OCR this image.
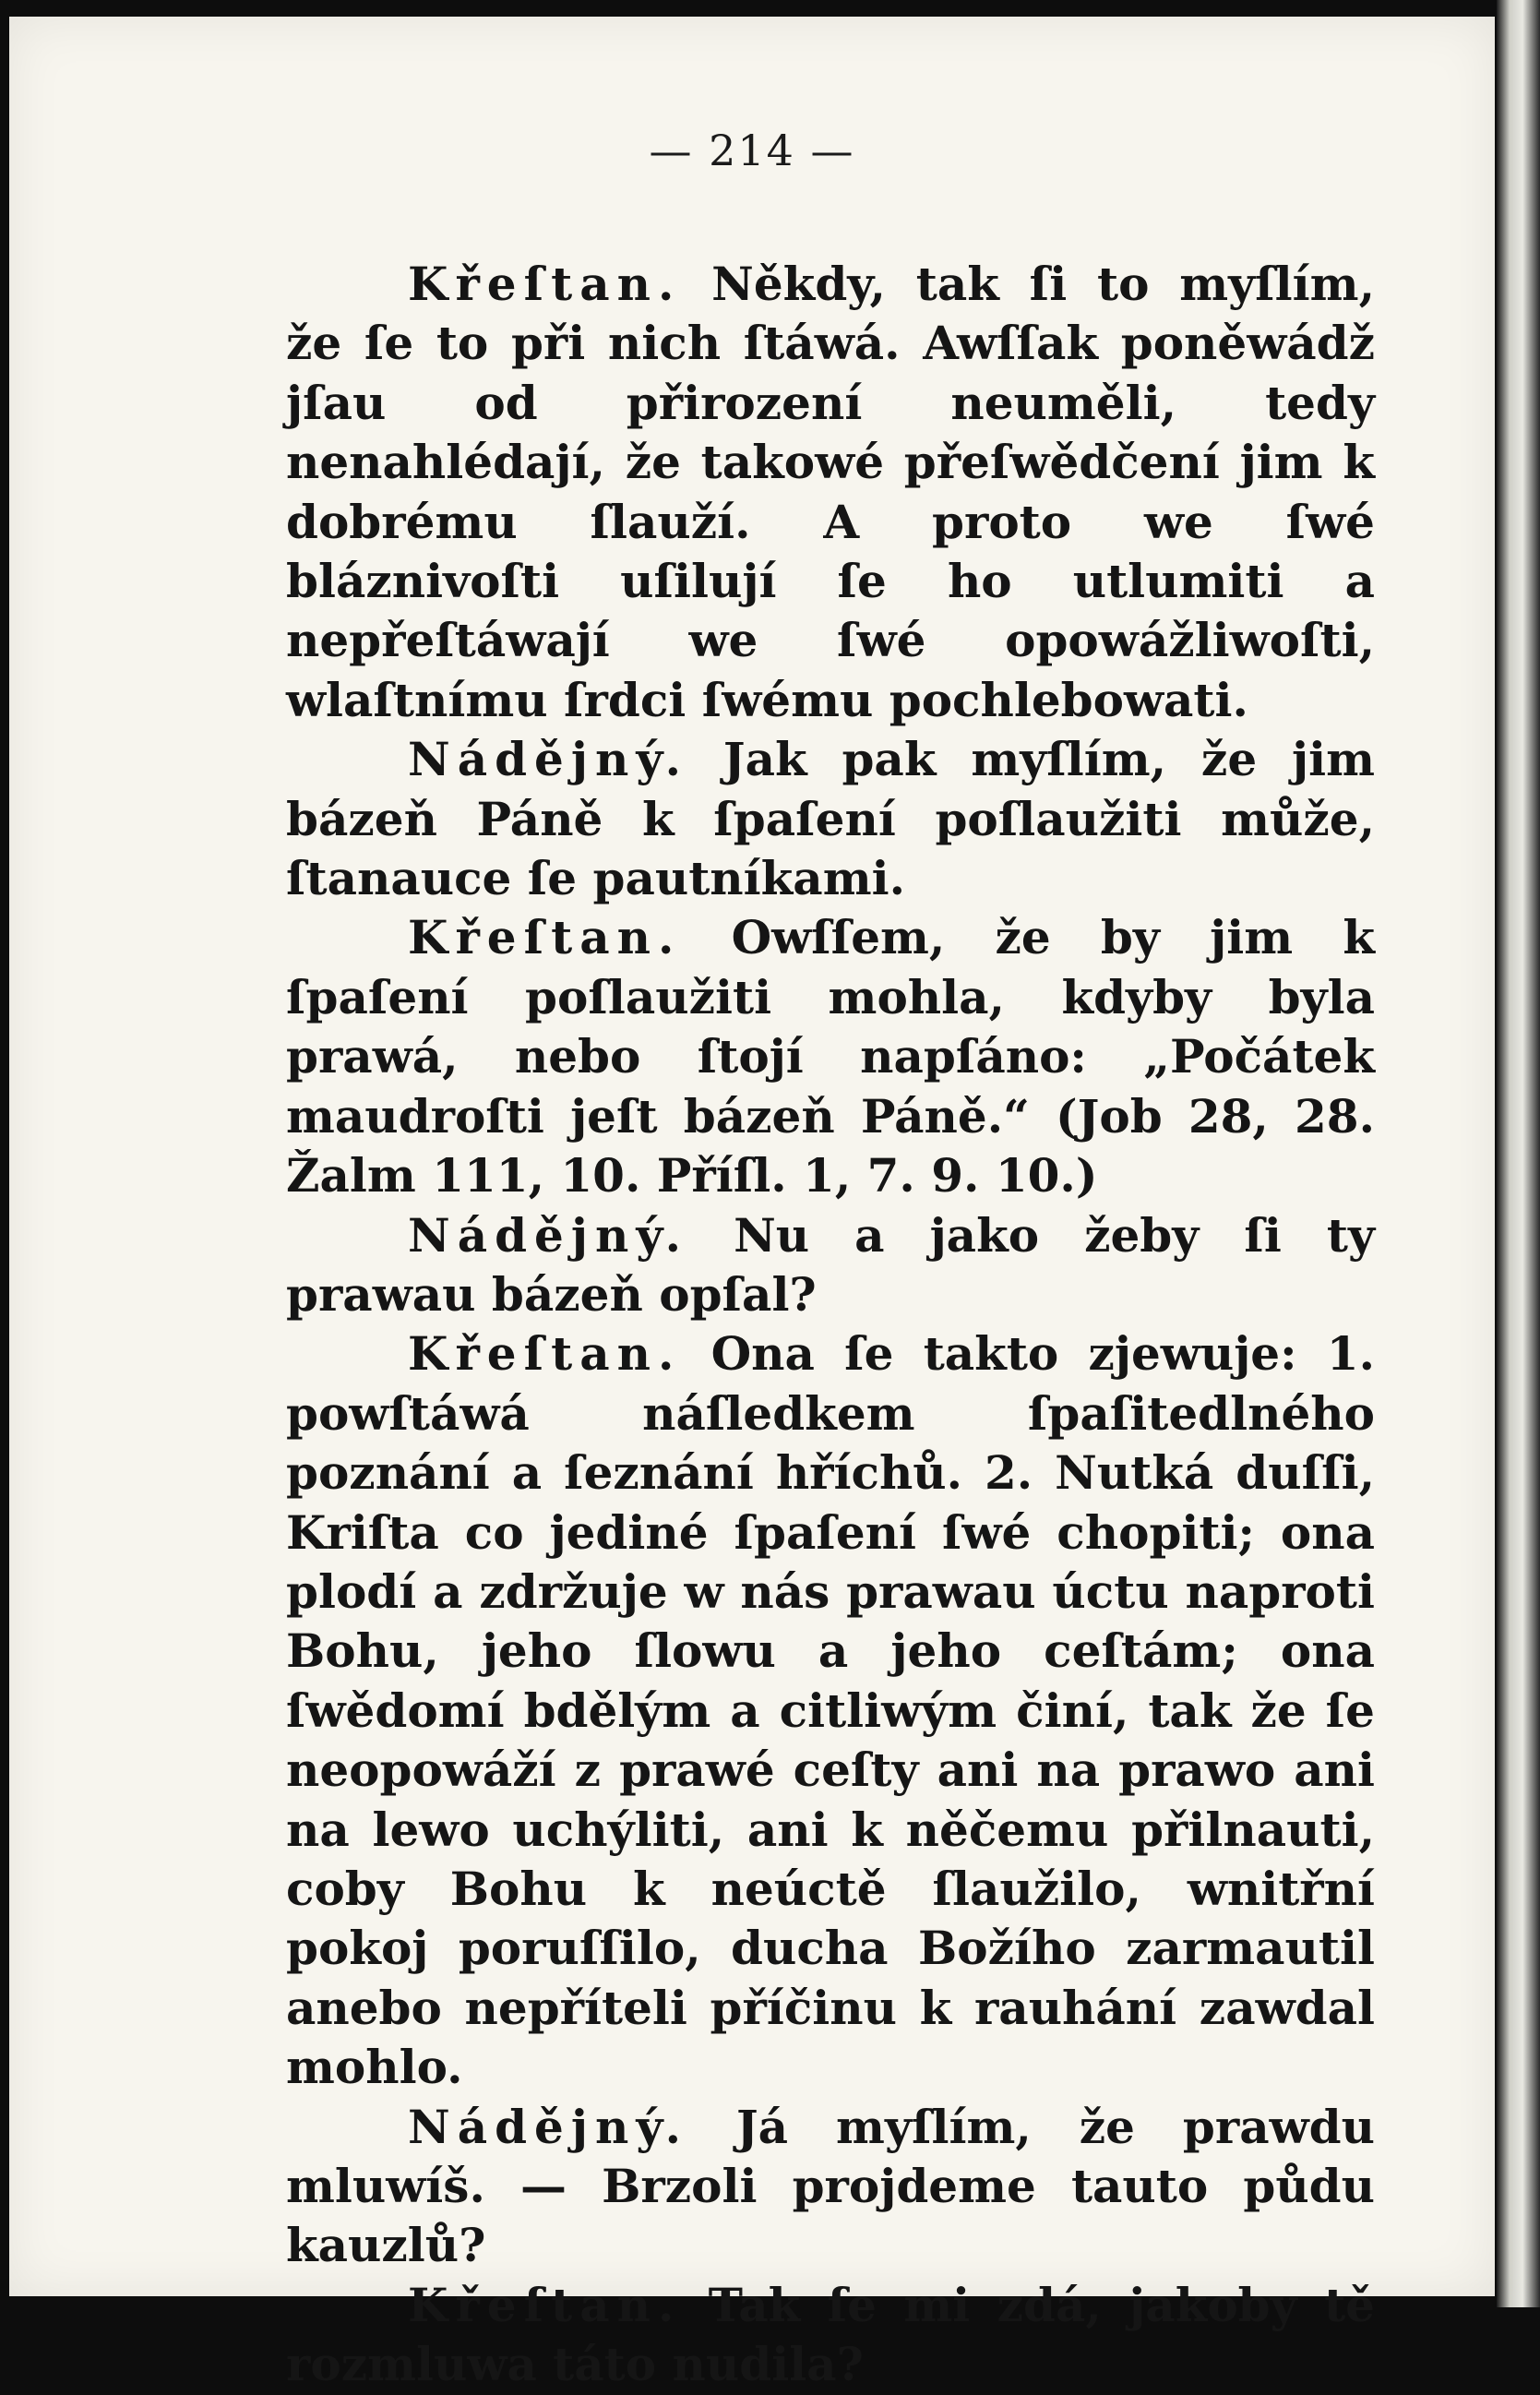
— 214 —

Křeſtan. Někdy, tak ſi to myſlím, že ſe to při nich ſtáwá. Awſſak poněwádž jſau od přirození neuměli, tedy nenahlédají, že takowé přeſwědčení jim k dobrému ſlauží. A proto we ſwé bláznivoſti uſilují ſe ho utlumiti a nepřeſtáwají we ſwé opowážliwoſti, wlaſtnímu ſrdci ſwému pochlebowati.

Nádějný. Jak pak myſlím, že jim bázeň Páně k ſpaſení poſlaužiti může, ſtanauce ſe pautníkami.

Křeſtan. Owſſem, že by jim k ſpaſení poſlaužiti mohla, kdyby byla prawá, nebo ſtojí napſáno: „Počátek maudroſti jeſt bázeň Páně.“ (Job 28, 28. Žalm 111, 10. Příſl. 1, 7. 9. 10.)

Nádějný. Nu a jako žeby ſi ty prawau bázeň opſal?

Křeſtan. Ona ſe takto zjewuje: 1. powſtáwá náſledkem ſpaſitedlného poznání a ſeznání hříchů. 2. Nutká duſſi, Kriſta co jediné ſpaſení ſwé chopiti; ona plodí a zdržuje w nás prawau úctu naproti Bohu, jeho ſlowu a jeho ceſtám; ona ſwědomí bdělým a citliwým činí, tak že ſe neopowáží z prawé ceſty ani na prawo ani na lewo uchýliti, ani k něčemu přilnauti, coby Bohu k neúctě ſlaužilo, wnitřní pokoj poruſſilo, ducha Božího zarmautil anebo nepříteli příčinu k rauhání zawdal mohlo.

Nádějný. Já myſlím, že prawdu mluwíš. — Brzoli projdeme tauto půdu kauzlů?

Křeſtan. Tak ſe mi zdá, jakoby tě rozmluwa táto nudila?
